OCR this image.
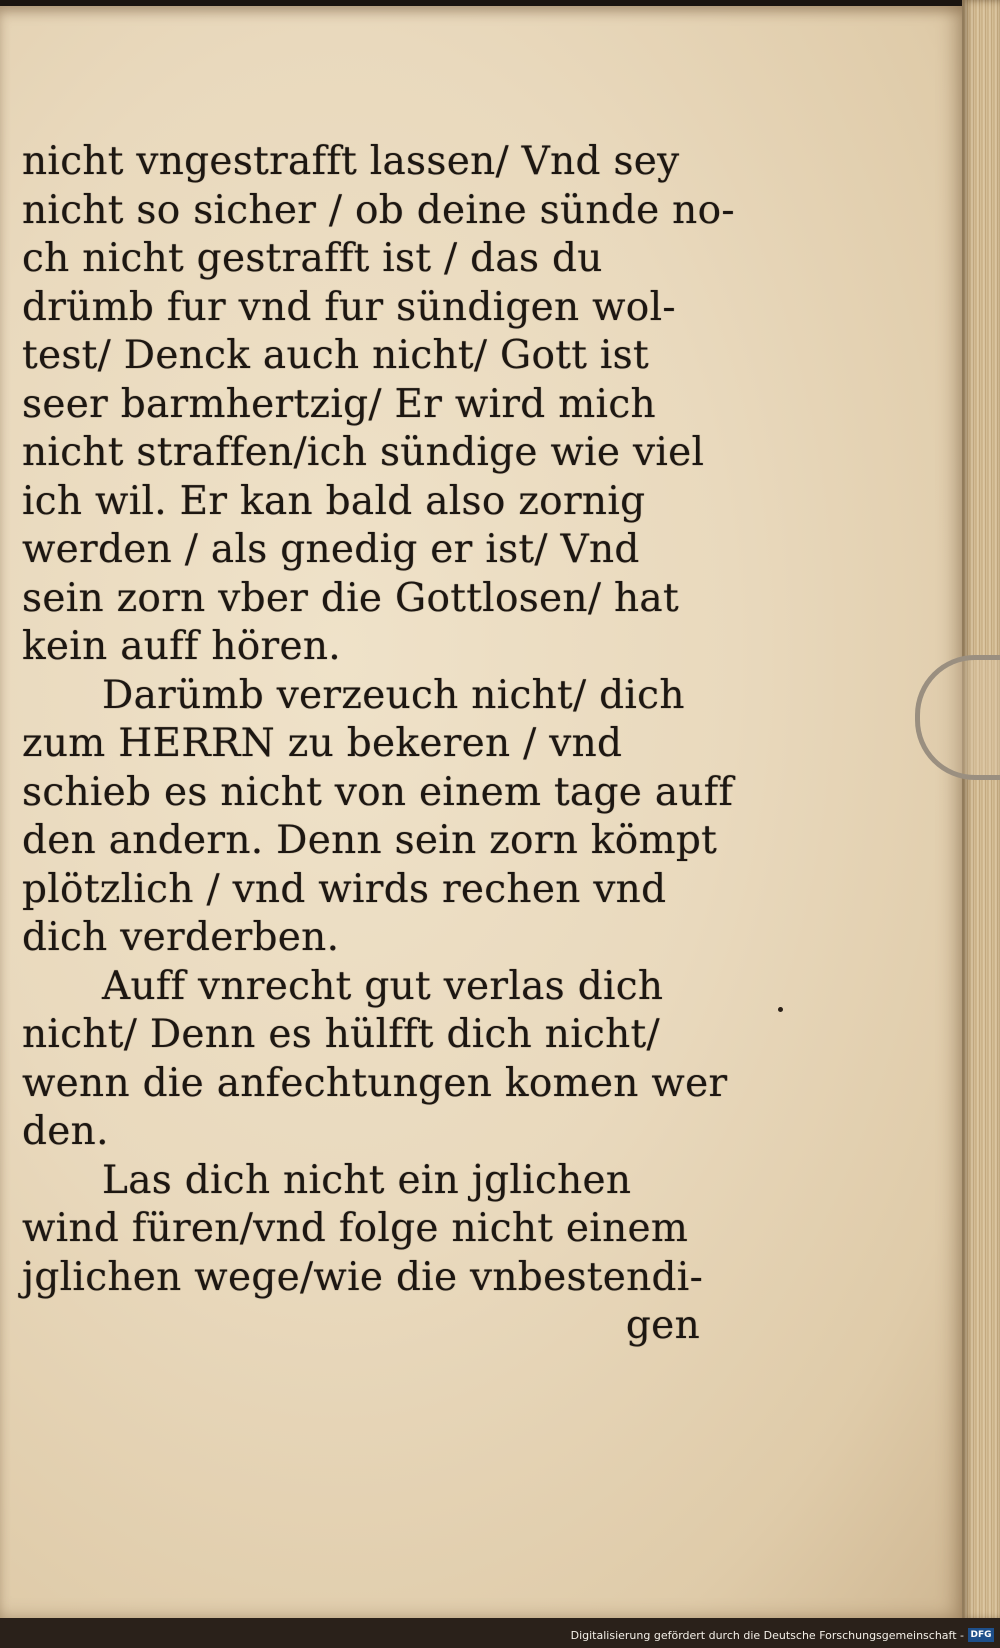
nicht vngestrafft lassen/ Vnd sey
nicht so sicher / ob deine sünde no-
ch nicht gestrafft ist / das du
drümb fur vnd fur sündigen wol-
test/ Denck auch nicht/ Gott ist
seer barmhertzig/ Er wird mich
nicht straffen/ich sündige wie viel
ich wil. Er kan bald also zornig
werden / als gnedig er ist/ Vnd
sein zorn vber die Gottlosen/ hat
kein auff hören.
Darümb verzeuch nicht/ dich
zum HERRN zu bekeren / vnd
schieb es nicht von einem tage auff
den andern. Denn sein zorn kömpt
plötzlich / vnd wirds rechen vnd
dich verderben.
Auff vnrecht gut verlas dich
nicht/ Denn es hülfft dich nicht/
wenn die anfechtungen komen wer
den.
Las dich nicht ein jglichen
wind füren/vnd folge nicht einem
jglichen wege/wie die vnbestendi-
gen
Digitalisierung gefördert durch die Deutsche Forschungsgemeinschaft - DFG
